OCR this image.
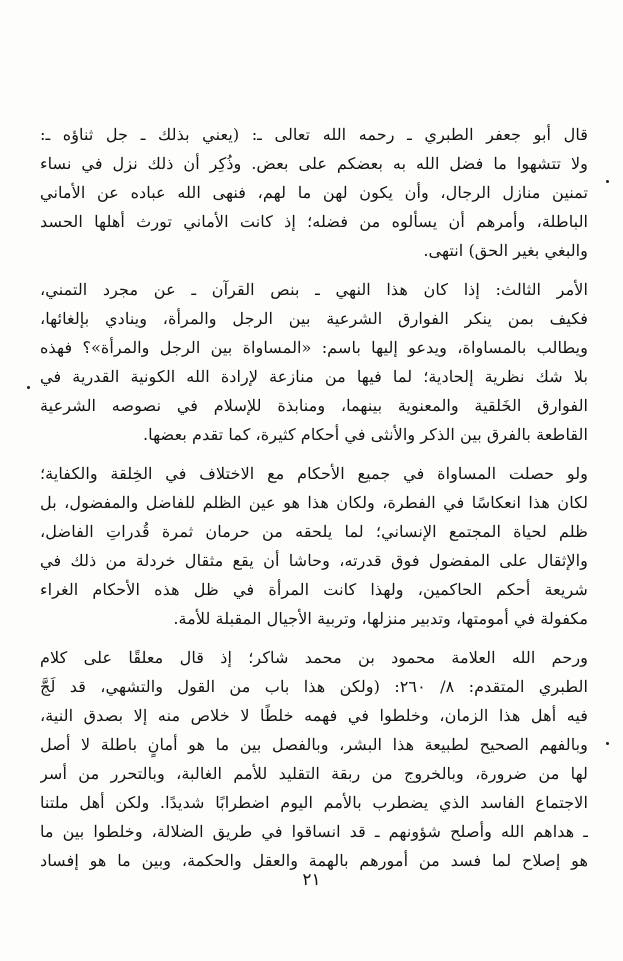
قال أبو جعفر الطبري ـ رحمه الله تعالى ـ: (يعني بذلك ـ جل ثناؤه ـ:
ولا تتشهوا ما فضل الله به بعضكم على بعض. وذُكِر أن ذلك نزل في نساء
تمنين منازل الرجال، وأن يكون لهن ما لهم، فنهى الله عباده عن الأماني
الباطلة، وأمرهم أن يسألوه من فضله؛ إذ كانت الأماني تورث أهلها الحسد
والبغي بغير الحق) انتهى.
الأمر الثالث: إذا كان هذا النهي ـ بنص القرآن ـ عن مجرد التمني،
فكيف بمن ينكر الفوارق الشرعية بين الرجل والمرأة، وينادي بإلغائها،
ويطالب بالمساواة، ويدعو إليها باسم: «المساواة بين الرجل والمرأة»؟ فهذه
بلا شك نظرية إلحادية؛ لما فيها من منازعة لإرادة الله الكونية القدرية في
الفوارق الخَلقية والمعنوية بينهما، ومنابذة للإسلام في نصوصه الشرعية
القاطعة بالفرق بين الذكر والأنثى في أحكام كثيرة، كما تقدم بعضها.
ولو حصلت المساواة في جميع الأحكام مع الاختلاف في الخِلقة والكفاية؛
لكان هذا انعكاسًا في الفطرة، ولكان هذا هو عين الظلم للفاضل والمفضول، بل
ظلم لحياة المجتمع الإنساني؛ لما يلحقه من حرمان ثمرة قُدراتِ الفاضل،
والإثقال على المفضول فوق قدرته، وحاشا أن يقع مثقال خردلة من ذلك في
شريعة أحكم الحاكمين، ولهذا كانت المرأة في ظل هذه الأحكام الغراء
مكفولة في أمومتها، وتدبير منزلها، وتربية الأجيال المقبلة للأمة.
ورحم الله العلامة محمود بن محمد شاكر؛ إذ قال معلقًا على كلام
الطبري المتقدم: ٨/ ٢٦٠: (ولكن هذا باب من القول والتشهي، قد لَجَّ
فيه أهل هذا الزمان، وخلطوا في فهمه خلطًا لا خلاص منه إلا بصدق النية،
وبالفهم الصحيح لطبيعة هذا البشر، وبالفصل بين ما هو أمانٍ باطلة لا أصل
لها من ضرورة، وبالخروج من ربقة التقليد للأمم الغالبة، وبالتحرر من أسر
الاجتماع الفاسد الذي يضطرب بالأمم اليوم اضطرابًا شديدًا. ولكن أهل ملتنا
ـ هداهم الله وأصلح شؤونهم ـ قد انساقوا في طريق الضلالة، وخلطوا بين ما
هو إصلاح لما فسد من أمورهم بالهمة والعقل والحكمة، وبين ما هو إفساد
٢١
